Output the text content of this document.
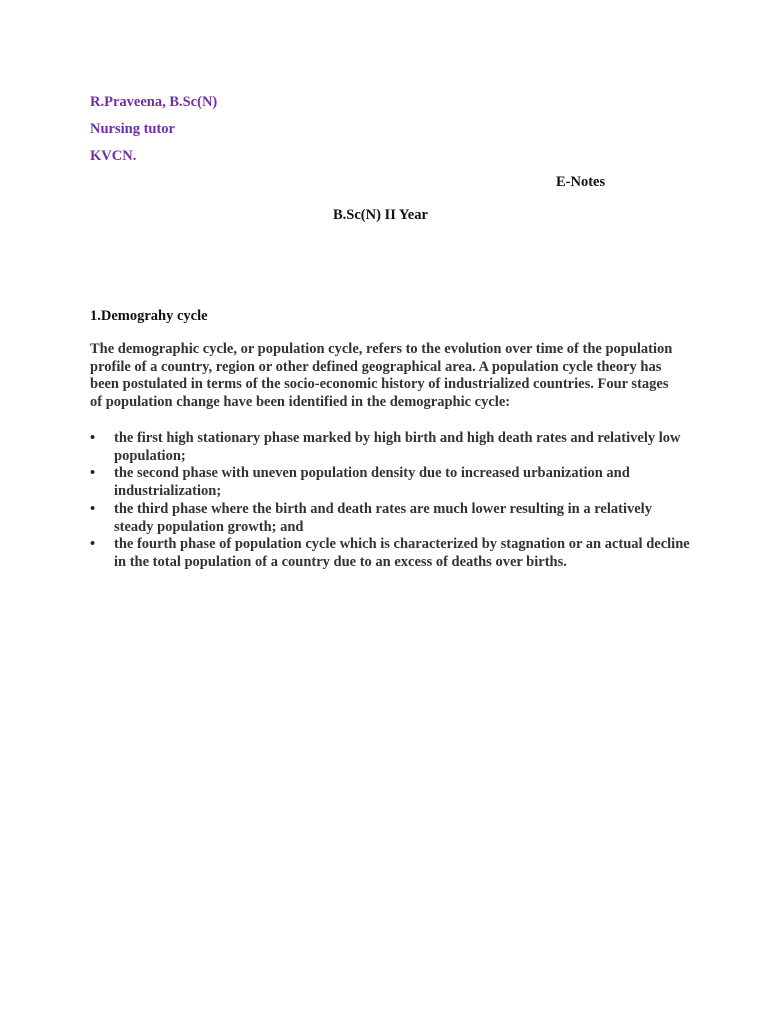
R.Praveena, B.Sc(N)
Nursing tutor
KVCN.
E-Notes
B.Sc(N) II Year
1.Demograhy cycle

The demographic cycle, or population cycle, refers to the evolution over time of the population profile of a country, region or other defined geographical area. A population cycle theory has been postulated in terms of the socio-economic history of industrialized countries. Four stages of population change have been identified in the demographic cycle:

• the first high stationary phase marked by high birth and high death rates and relatively low population;
• the second phase with uneven population density due to increased urbanization and industrialization;
• the third phase where the birth and death rates are much lower resulting in a relatively steady population growth; and
• the fourth phase of population cycle which is characterized by stagnation or an actual decline in the total population of a country due to an excess of deaths over births.
